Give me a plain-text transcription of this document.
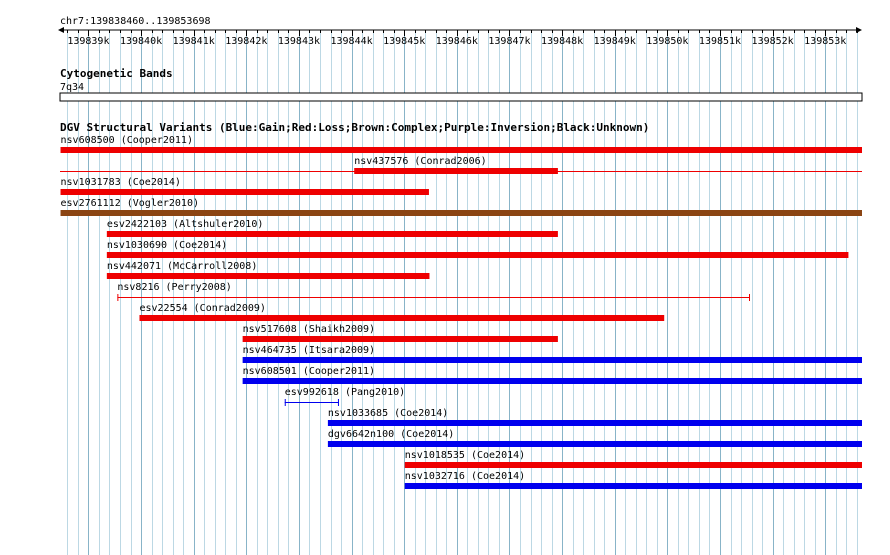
chr7:139838460..139853698
139839k 139840k 139841k 139842k 139843k 139844k 139845k 139846k 139847k 139848k 139849k 139850k 139851k 139852k 139853k
Cytogenetic Bands
7q34
DGV Structural Variants (Blue:Gain;Red:Loss;Brown:Complex;Purple:Inversion;Black:Unknown)
nsv608500 (Cooper2011)
nsv437576 (Conrad2006)
nsv1031783 (Coe2014)
esv2761112 (Vogler2010)
esv2422103 (Altshuler2010)
nsv1030690 (Coe2014)
nsv442071 (McCarroll2008)
nsv8216 (Perry2008)
esv22554 (Conrad2009)
nsv517608 (Shaikh2009)
nsv464735 (Itsara2009)
nsv608501 (Cooper2011)
esv992618 (Pang2010)
nsv1033685 (Coe2014)
dgv6642n100 (Coe2014)
nsv1018535 (Coe2014)
nsv1032716 (Coe2014)
